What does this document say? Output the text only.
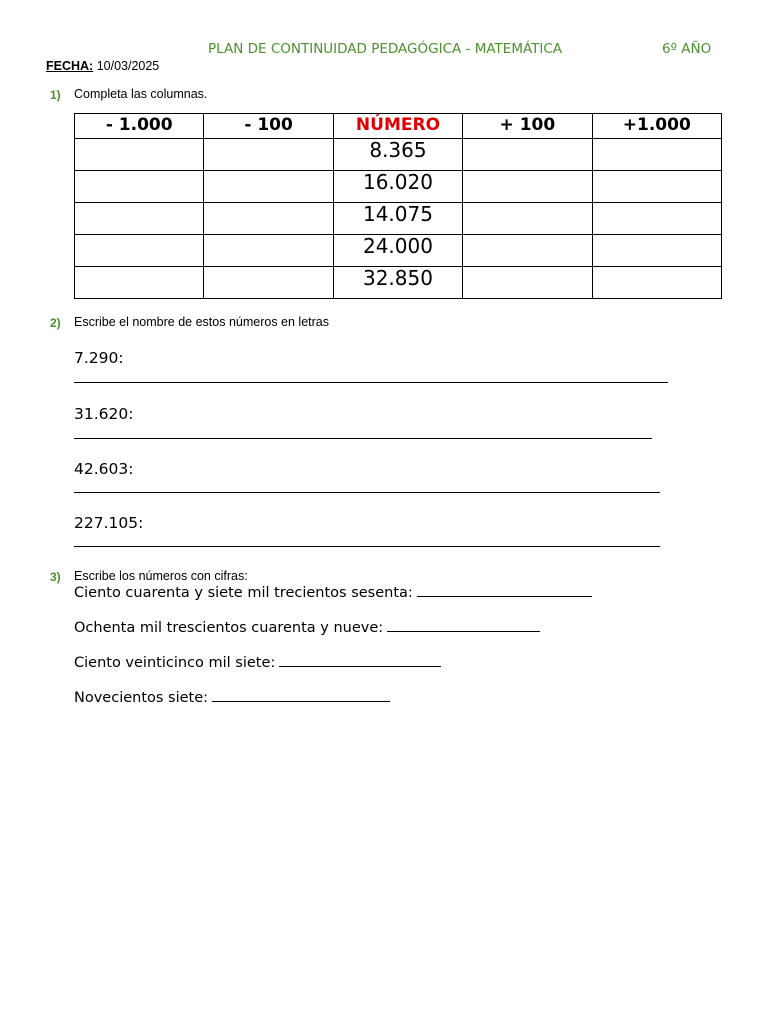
PLAN DE CONTINUIDAD PEDAGÓGICA - MATEMÁTICA	6º AÑO
FECHA: 10/03/2025
1) Completa las columnas.
- 1.000	- 100	NÚMERO	+ 100	+1.000
		8.365		
		16.020		
		14.075		
		24.000		
		32.850		
2) Escribe el nombre de estos números en letras
7.290:
31.620:
42.603:
227.105:
3) Escribe los números con cifras:
Ciento cuarenta y siete mil trecientos sesenta:
Ochenta mil trescientos cuarenta y nueve:
Ciento veinticinco mil siete:
Novecientos siete:
